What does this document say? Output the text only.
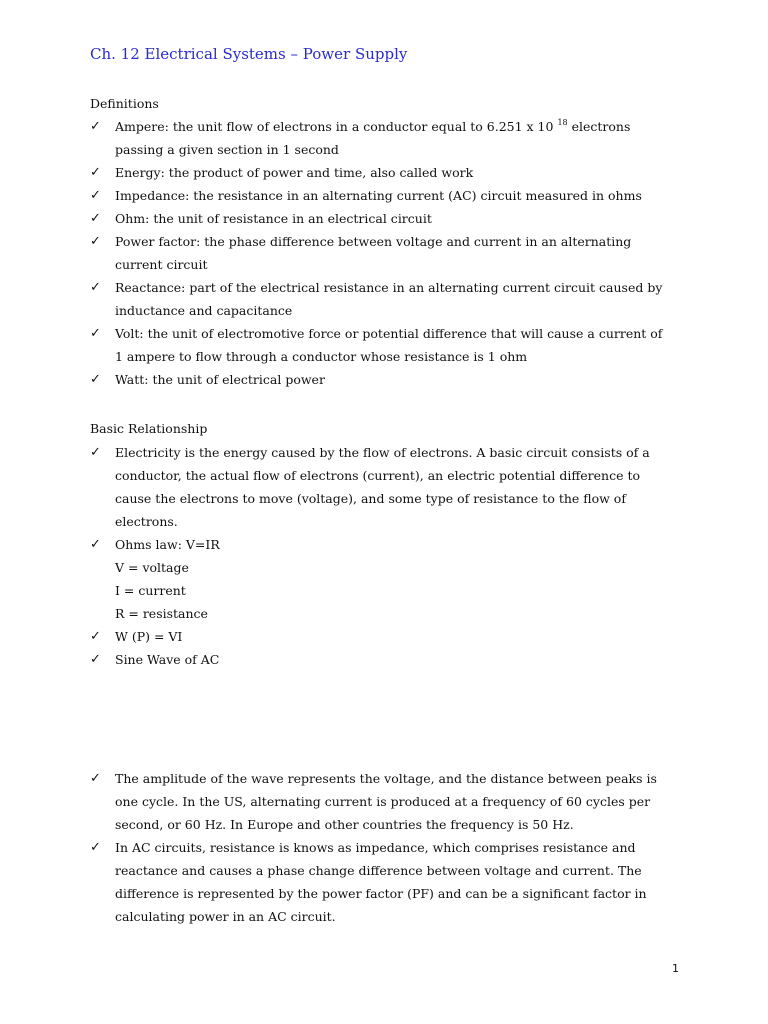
Ch. 12 Electrical Systems – Power Supply
Definitions
✓ Ampere: the unit flow of electrons in a conductor equal to 6.251 x 10 $^{18}$ electrons passing a given section in 1 second
✓ Energy: the product of power and time, also called work
✓ Impedance: the resistance in an alternating current (AC) circuit measured in ohms
✓ Ohm: the unit of resistance in an electrical circuit
✓ Power factor: the phase difference between voltage and current in an alternating current circuit
✓ Reactance: part of the electrical resistance in an alternating current circuit caused by inductance and capacitance
✓ Volt: the unit of electromotive force or potential difference that will cause a current of 1 ampere to flow through a conductor whose resistance is 1 ohm
✓ Watt: the unit of electrical power
Basic Relationship
✓ Electricity is the energy caused by the flow of electrons. A basic circuit consists of a conductor, the actual flow of electrons (current), an electric potential difference to cause the electrons to move (voltage), and some type of resistance to the flow of electrons.
✓ Ohms law: V=IR
V = voltage
I = current
R = resistance
✓ W (P) = VI
✓ Sine Wave of AC
✓ The amplitude of the wave represents the voltage, and the distance between peaks is one cycle. In the US, alternating current is produced at a frequency of 60 cycles per second, or 60 Hz. In Europe and other countries the frequency is 50 Hz.
✓ In AC circuits, resistance is knows as impedance, which comprises resistance and reactance and causes a phase change difference between voltage and current. The difference is represented by the power factor (PF) and can be a significant factor in calculating power in an AC circuit.
1
